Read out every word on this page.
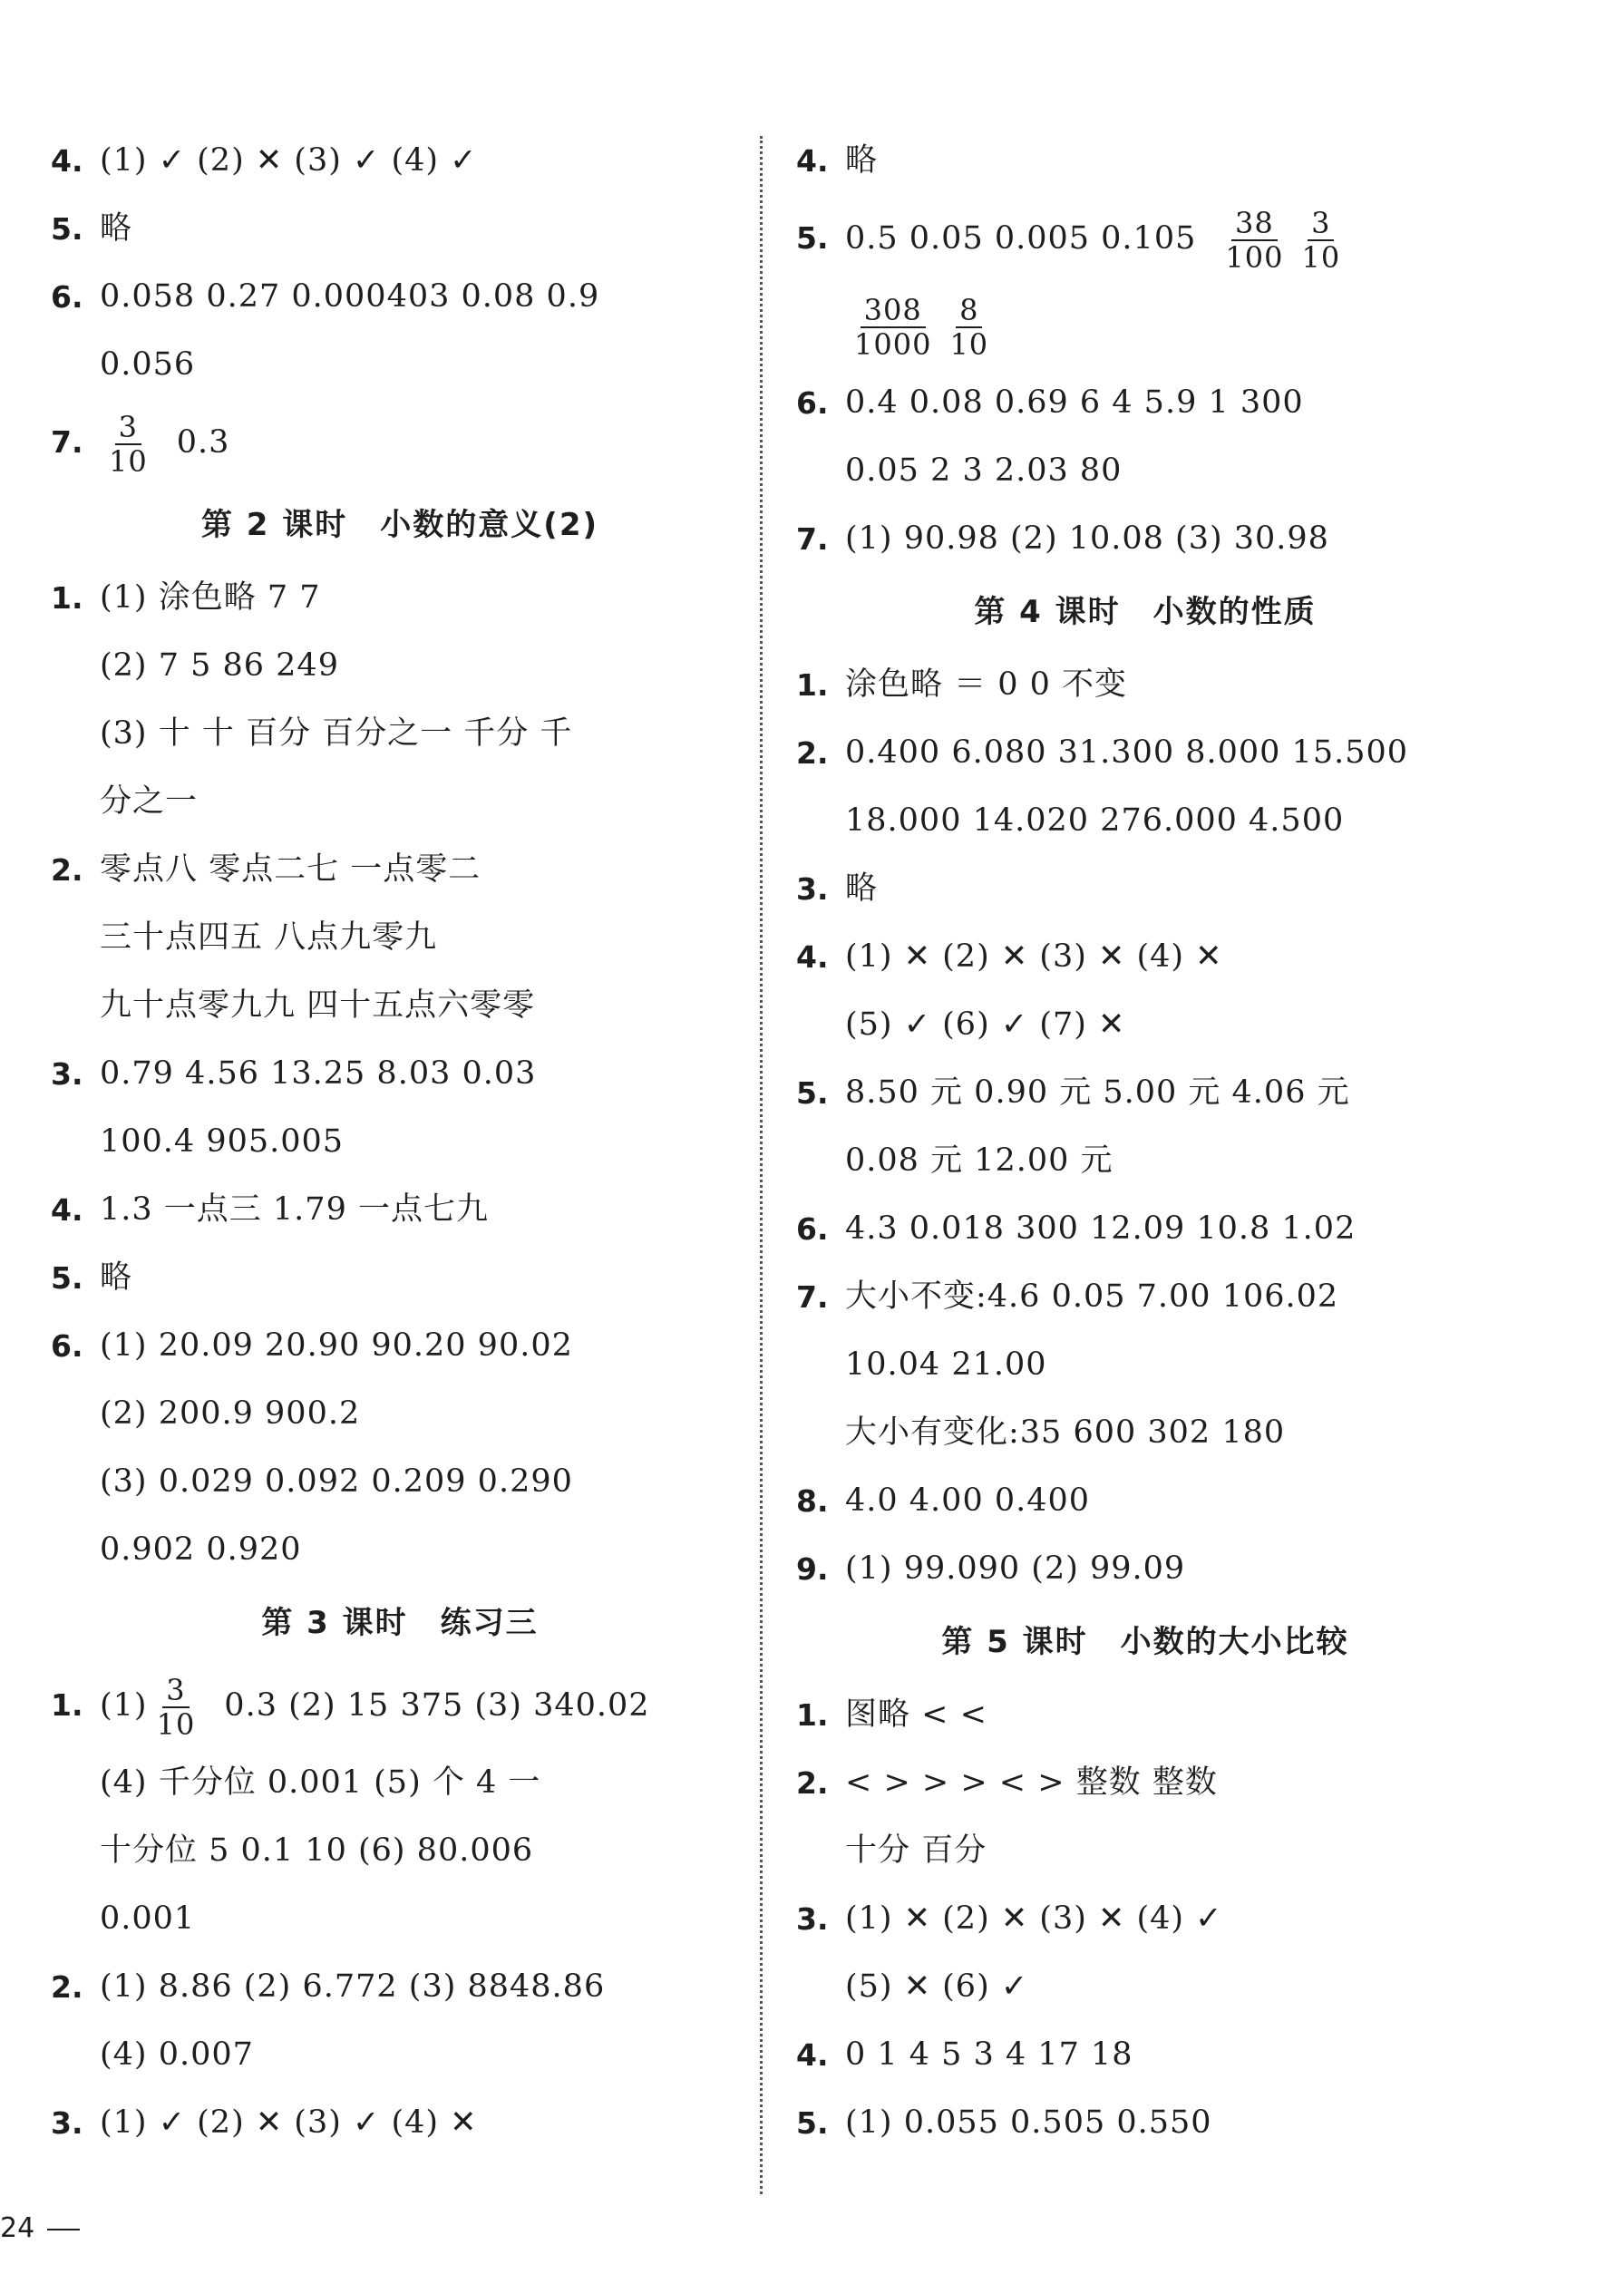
4. (1) ✓ (2) ✕ (3) ✓ (4) ✓
5. 略
6. 0.058 0.27 0.000403 0.08 0.9
0.056
7. $\frac{3}{10} 0.3$
第 2 课时　小数的意义(2)
1. (1) 涂色略 7 7
(2) 7 5 86 249
(3) 十 十 百分 百分之一 千分 千
分之一
2. 零点八 零点二七 一点零二
三十点四五 八点九零九
九十点零九九 四十五点六零零
3. 0.79 4.56 13.25 8.03 0.03
100.4 905.005
4. 1.3 一点三 1.79 一点七九
5. 略
6. (1) 20.09 20.90 90.20 90.02
(2) 200.9 900.2
(3) 0.029 0.092 0.209 0.290
0.902 0.920
第 3 课时　练习三
1. $(1) \frac{3}{10} 0.3$ (2) 15 375 (3) 340.02
(4) 千分位 0.001 (5) 个 4 一
十分位 5 0.1 10 (6) 80.006
0.001
2. (1) 8.86 (2) 6.772 (3) 8848.86
(4) 0.007
3. (1) ✓ (2) ✕ (3) ✓ (4) ✕
4. 略
5. 0.5 0.05 0.005 $0.105 \frac{38}{100} \frac{3}{10}$
$\frac{308}{1000} \frac{8}{10}$
6. 0.4 0.08 0.69 6 4 5.9 1 300
0.05 2 3 2.03 80
7. (1) 90.98 (2) 10.08 (3) 30.98
第 4 课时　小数的性质
1. 涂色略 ＝ 0 0 不变
2. 0.400 6.080 31.300 8.000 15.500
18.000 14.020 276.000 4.500
3. 略
4. (1) ✕ (2) ✕ (3) ✕ (4) ✕
(5) ✓ (6) ✓ (7) ✕
5. 8.50 元 0.90 元 5.00 元 4.06 元
0.08 元 12.00 元
6. 4.3 0.018 300 12.09 10.8 1.02
7. 大小不变:4.6 0.05 7.00 106.02
10.04 21.00
大小有变化:35 600 302 180
8. 4.0 4.00 0.400
9. (1) 99.090 (2) 99.09
第 5 课时　小数的大小比较
1. 图略 < <
2. < > > > < > 整数 整数
十分 百分
3. (1) ✕ (2) ✕ (3) ✕ (4) ✓
(5) ✕ (6) ✓
4. 0 1 4 5 3 4 17 18
5. (1) 0.055 0.505 0.550
24
